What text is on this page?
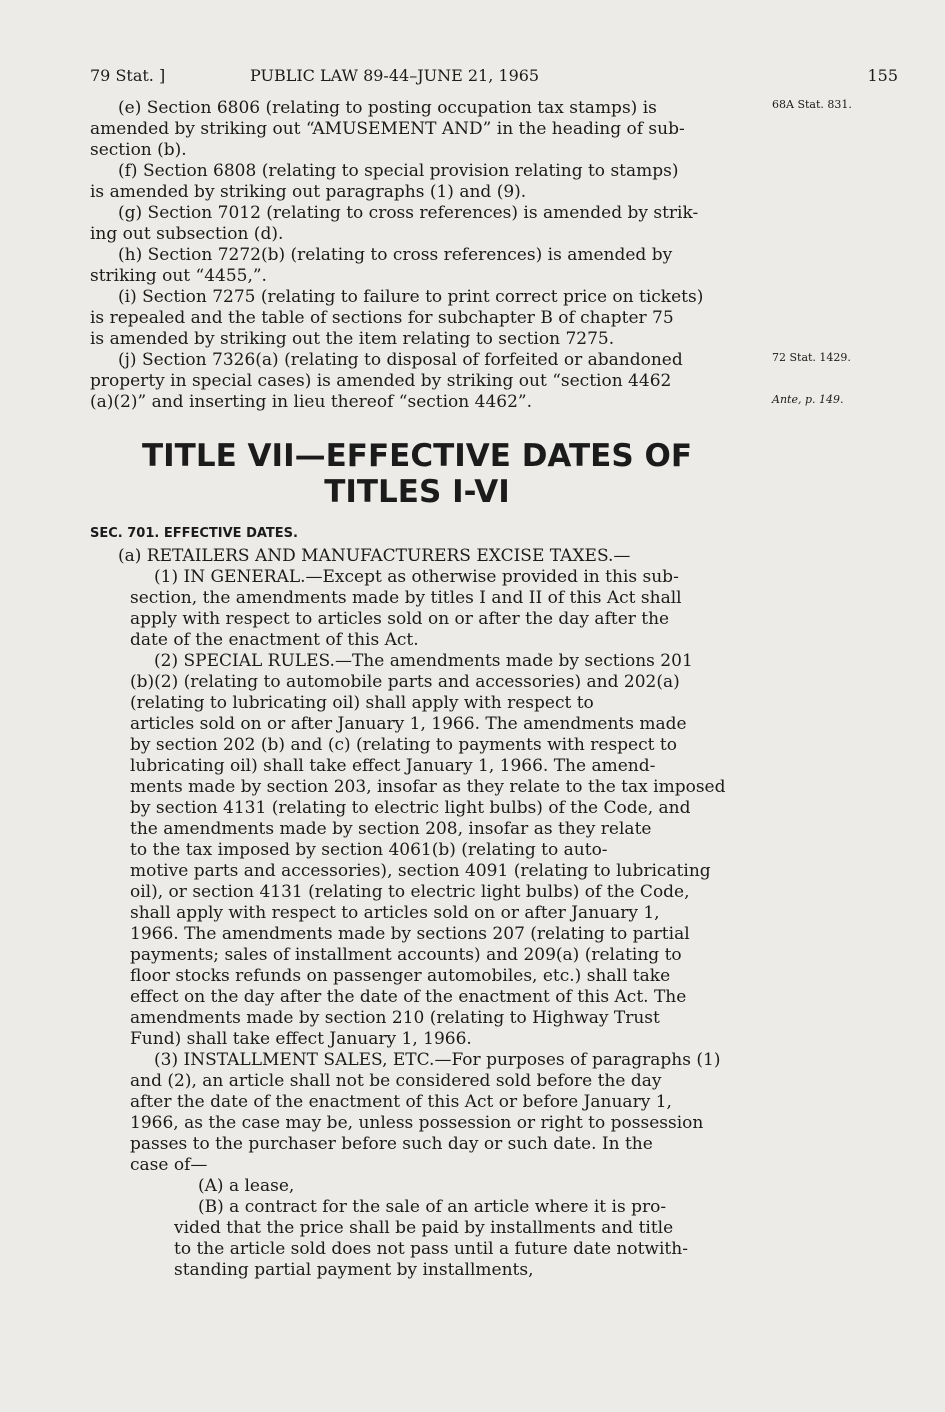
79 Stat. ]	PUBLIC LAW 89-44–JUNE 21, 1965	155
68A Stat. 831.
72 Stat. 1429.
Ante, p. 149.
(e) Section 6806 (relating to posting occupation tax stamps) is
amended by striking out “AMUSEMENT AND” in the heading of sub-
section (b).
(f) Section 6808 (relating to special provision relating to stamps)
is amended by striking out paragraphs (1) and (9).
(g) Section 7012 (relating to cross references) is amended by strik-
ing out subsection (d).
(h) Section 7272(b) (relating to cross references) is amended by
striking out “4455,”.
(i) Section 7275 (relating to failure to print correct price on tickets)
is repealed and the table of sections for subchapter B of chapter 75
is amended by striking out the item relating to section 7275.
(j) Section 7326(a) (relating to disposal of forfeited or abandoned
property in special cases) is amended by striking out “section 4462
(a)(2)” and inserting in lieu thereof “section 4462”.
TITLE VII—EFFECTIVE DATES OF
TITLES I-VI
SEC. 701. EFFECTIVE DATES.
(a) RETAILERS AND MANUFACTURERS EXCISE TAXES.—
(1) IN GENERAL.—Except as otherwise provided in this sub-
section, the amendments made by titles I and II of this Act shall
apply with respect to articles sold on or after the day after the
date of the enactment of this Act.
(2) SPECIAL RULES.—The amendments made by sections 201
(b)(2) (relating to automobile parts and accessories) and 202(a)
(relating to lubricating oil) shall apply with respect to
articles sold on or after January 1, 1966. The amendments made
by section 202 (b) and (c) (relating to payments with respect to
lubricating oil) shall take effect January 1, 1966. The amend-
ments made by section 203, insofar as they relate to the tax imposed
by section 4131 (relating to electric light bulbs) of the Code, and
the amendments made by section 208, insofar as they relate
to the tax imposed by section 4061(b) (relating to auto-
motive parts and accessories), section 4091 (relating to lubricating
oil), or section 4131 (relating to electric light bulbs) of the Code,
shall apply with respect to articles sold on or after January 1,
1966. The amendments made by sections 207 (relating to partial
payments; sales of installment accounts) and 209(a) (relating to
floor stocks refunds on passenger automobiles, etc.) shall take
effect on the day after the date of the enactment of this Act. The
amendments made by section 210 (relating to Highway Trust
Fund) shall take effect January 1, 1966.
(3) INSTALLMENT SALES, ETC.—For purposes of paragraphs (1)
and (2), an article shall not be considered sold before the day
after the date of the enactment of this Act or before January 1,
1966, as the case may be, unless possession or right to possession
passes to the purchaser before such day or such date. In the
case of—
(A) a lease,
(B) a contract for the sale of an article where it is pro-
vided that the price shall be paid by installments and title
to the article sold does not pass until a future date notwith-
standing partial payment by installments,
